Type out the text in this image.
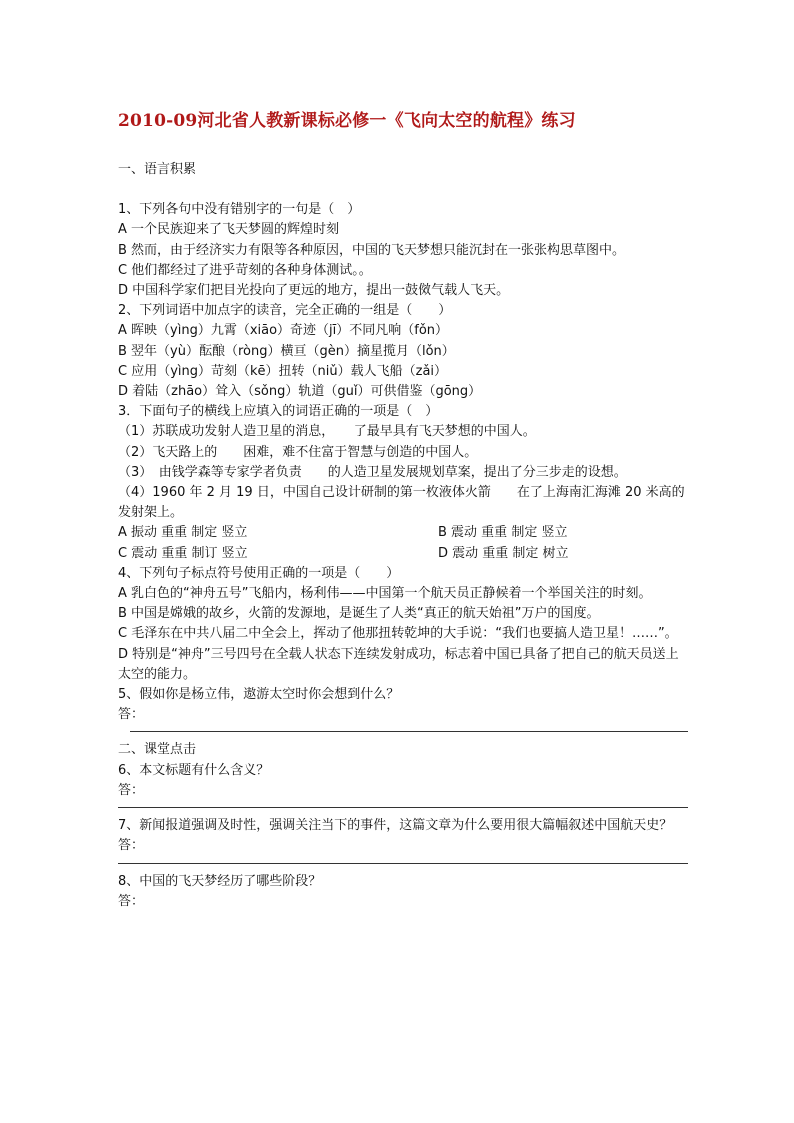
2010-09河北省人教新课标必修一《飞向太空的航程》练习
一、语言积累
1、下列各句中没有错别字的一句是（　）
A 一个民族迎来了飞天梦圆的辉煌时刻
B 然而，由于经济实力有限等各种原因，中国的飞天梦想只能沉封在一张张构思草图中。
C 他们都经过了进乎苛刻的各种身体测试。。
D 中国科学家们把目光投向了更远的地方，提出一鼓傚气载人飞天。
2、下列词语中加点字的读音，完全正确的一组是（　　）
A 晖映（yìng）九霄（xiāo）奇迹（jī）不同凡响（fǒn）
B 翌年（yù）酝酿（ròng）横亘（gèn）摘星揽月（lǒn）
C 应用（yìng）苛刻（kē）扭转（niǔ）载人飞船（zǎi）
D 着陆（zhāo）耸入（sǒng）轨道（guǐ）可供借鉴（gōng）
3．下面句子的横线上应填入的词语正确的一项是（　）
（1）苏联成功发射人造卫星的消息，　　了最早具有飞天梦想的中国人。
（2）飞天路上的　　困难，难不住富于智慧与创造的中国人。
（3）　由钱学森等专家学者负责　　的人造卫星发展规划草案，提出了分三步走的设想。
（4）1960 年 2 月 19 日，中国自己设计研制的第一枚液体火箭　　在了上海南汇海滩 20 米高的发射架上。
A 振动 重重 制定 竖立	B 震动 重重 制定 竖立
C 震动 重重 制订 竖立	D 震动 重重 制定 树立
4、下列句子标点符号使用正确的一项是（　　）
A 乳白色的“神舟五号”飞船内，杨利伟——中国第一个航天员正静候着一个举国关注的时刻。
B 中国是嫦娥的故乡，火箭的发源地，是诞生了人类“真正的航天始祖”万户的国度。
C 毛泽东在中共八届二中全会上，挥动了他那扭转乾坤的大手说：“我们也要搞人造卫星！……”。
D 特别是“神舟”三号四号在全载人状态下连续发射成功，标志着中国已具备了把自己的航天员送上太空的能力。
5、假如你是杨立伟，遨游太空时你会想到什么？
答：
二、课堂点击
6、本文标题有什么含义？
答：
7、新闻报道强调及时性，强调关注当下的事件，这篇文章为什么要用很大篇幅叙述中国航天史？
答：
8、中国的飞天梦经历了哪些阶段？
答：
